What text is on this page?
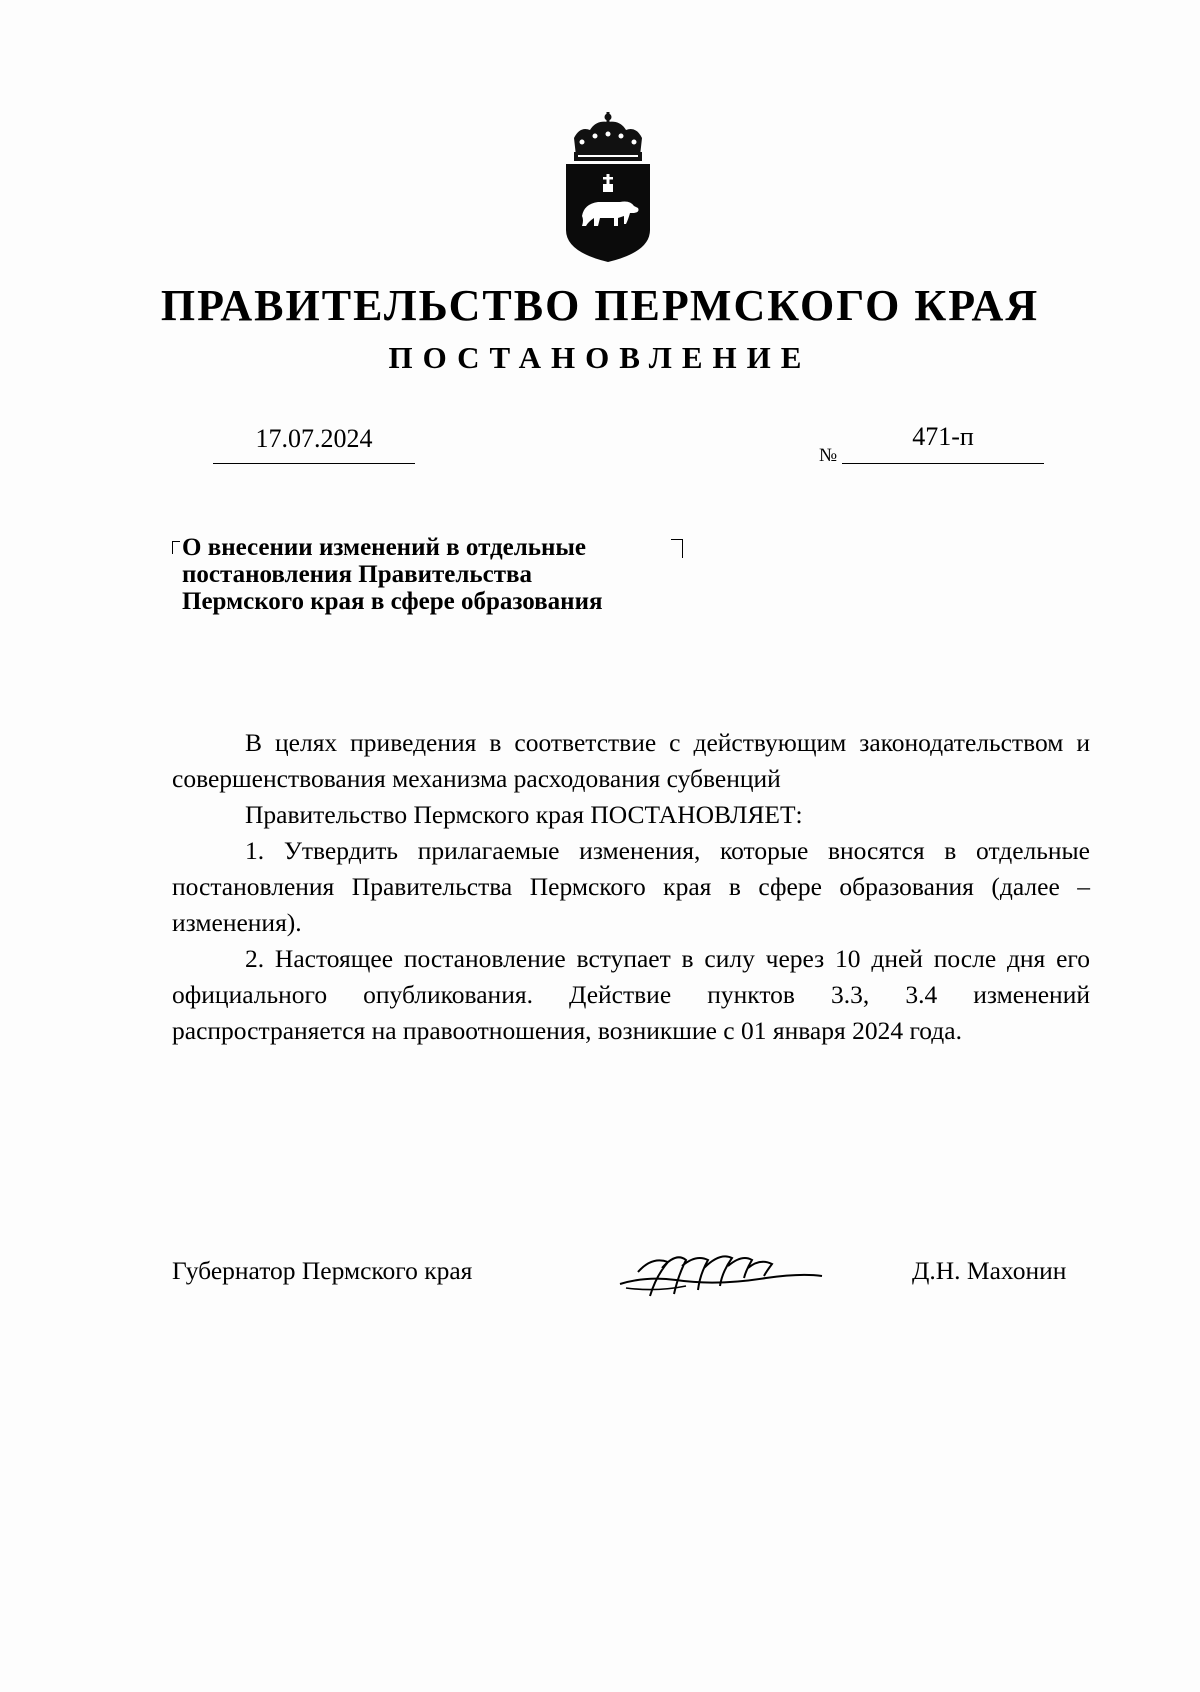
ПРАВИТЕЛЬСТВО ПЕРМСКОГО КРАЯ
ПОСТАНОВЛЕНИЕ
17.07.2024
№
471-п
О внесении изменений в отдельные
постановления Правительства
Пермского края в сфере образования

В целях приведения в соответствие с действующим законодательством и совершенствования механизма расходования субвенций

Правительство Пермского края ПОСТАНОВЛЯЕТ:

1. Утвердить прилагаемые изменения, которые вносятся в отдельные постановления Правительства Пермского края в сфере образования (далее – изменения).

2. Настоящее постановление вступает в силу через 10 дней после дня его официального опубликования. Действие пунктов 3.3, 3.4 изменений распространяется на правоотношения, возникшие с 01 января 2024 года.

Губернатор Пермского края	Д.Н. Махонин
